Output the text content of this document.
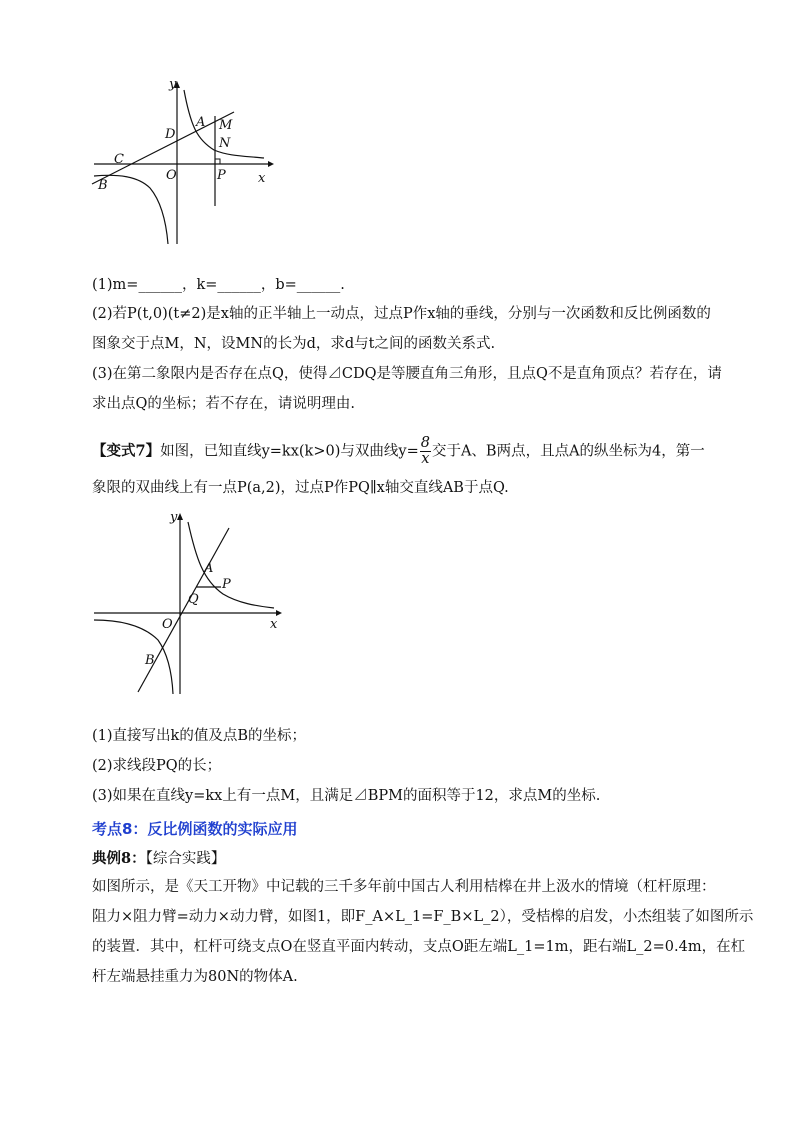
y
x
A M
D
N
C
O	P
B
(1)m=______，k=______，b=______.
(2)若P(t,0)(t≠2)是x轴的正半轴上一动点，过点P作x轴的垂线，分别与一次函数和反比例函数的
图象交于点M，N，设MN的长为d，求d与t之间的函数关系式.
(3)在第二象限内是否存在点Q，使得⊿CDQ是等腰直角三角形，且点Q不是直角顶点？若存在，请
求出点Q的坐标；若不存在，请说明理由.
【变式7】如图，已知直线y=kx(k>0)与双曲线$y= \frac{8}{x}$ 交于A、B两点，且点A的纵坐标为4，第一
象限的双曲线上有一点P(a,2)，过点P作PQ∥x轴交直线AB于点Q.
y
x
A
P
Q
O
B
(1)直接写出k的值及点B的坐标；
(2)求线段PQ的长；
(3)如果在直线y=kx上有一点M，且满足⊿BPM的面积等于12，求点M的坐标.
考点8：反比例函数的实际应用
典例8：【综合实践】
如图所示，是《天工开物》中记载的三千多年前中国古人利用桔槔在井上汲水的情境（杠杆原理：
阻力×阻力臂=动力×动力臂，如图1，即F_A×L_1=F_B×L_2），受桔槔的启发，小杰组装了如图所示
的装置．其中，杠杆可绕支点O在竖直平面内转动，支点O距左端L_1=1m，距右端L_2=0.4m，在杠
杆左端悬挂重力为80N的物体A.
